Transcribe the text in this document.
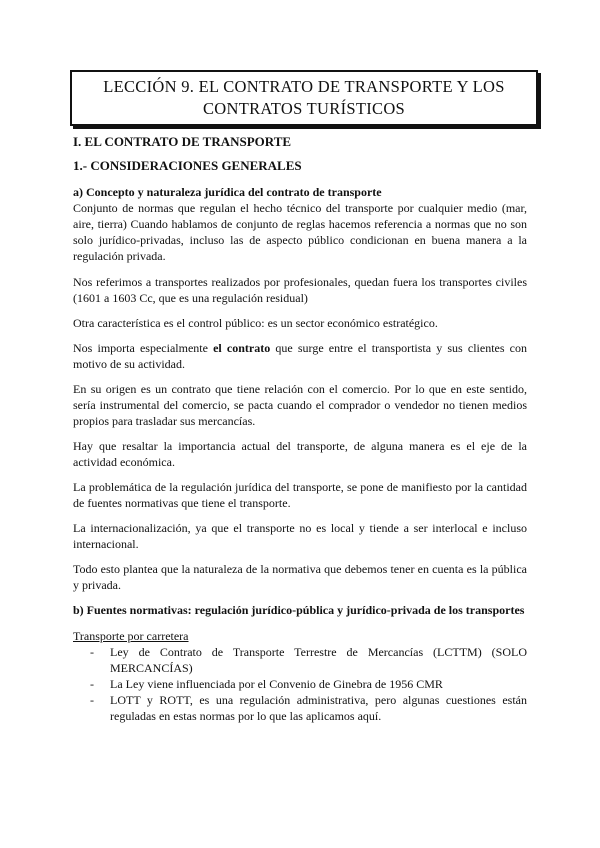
LECCIÓN 9. EL CONTRATO DE TRANSPORTE Y LOS
CONTRATOS TURÍSTICOS
I. EL CONTRATO DE TRANSPORTE
1.- CONSIDERACIONES GENERALES
a) Concepto y naturaleza jurídica del contrato de transporte

Conjunto de normas que regulan el hecho técnico del transporte por cualquier medio (mar, aire, tierra) Cuando hablamos de conjunto de reglas hacemos referencia a normas que no son solo jurídico-privadas, incluso las de aspecto público condicionan en buena manera a la regulación privada.

Nos referimos a transportes realizados por profesionales, quedan fuera los transportes civiles (1601 a 1603 Cc, que es una regulación residual)

Otra característica es el control público: es un sector económico estratégico.

Nos importa especialmente el contrato que surge entre el transportista y sus clientes con motivo de su actividad.

En su origen es un contrato que tiene relación con el comercio. Por lo que en este sentido, sería instrumental del comercio, se pacta cuando el comprador o vendedor no tienen medios propios para trasladar sus mercancías.

Hay que resaltar la importancia actual del transporte, de alguna manera es el eje de la actividad económica.

La problemática de la regulación jurídica del transporte, se pone de manifiesto por la cantidad de fuentes normativas que tiene el transporte.

La internacionalización, ya que el transporte no es local y tiende a ser interlocal e incluso internacional.

Todo esto plantea que la naturaleza de la normativa que debemos tener en cuenta es la pública y privada.

b) Fuentes normativas: regulación jurídico-pública y jurídico-privada de los transportes
Transporte por carretera
- Ley de Contrato de Transporte Terrestre de Mercancías (LCTTM) (SOLO MERCANCÍAS)
- La Ley viene influenciada por el Convenio de Ginebra de 1956 CMR
- LOTT y ROTT, es una regulación administrativa, pero algunas cuestiones están reguladas en estas normas por lo que las aplicamos aquí.
